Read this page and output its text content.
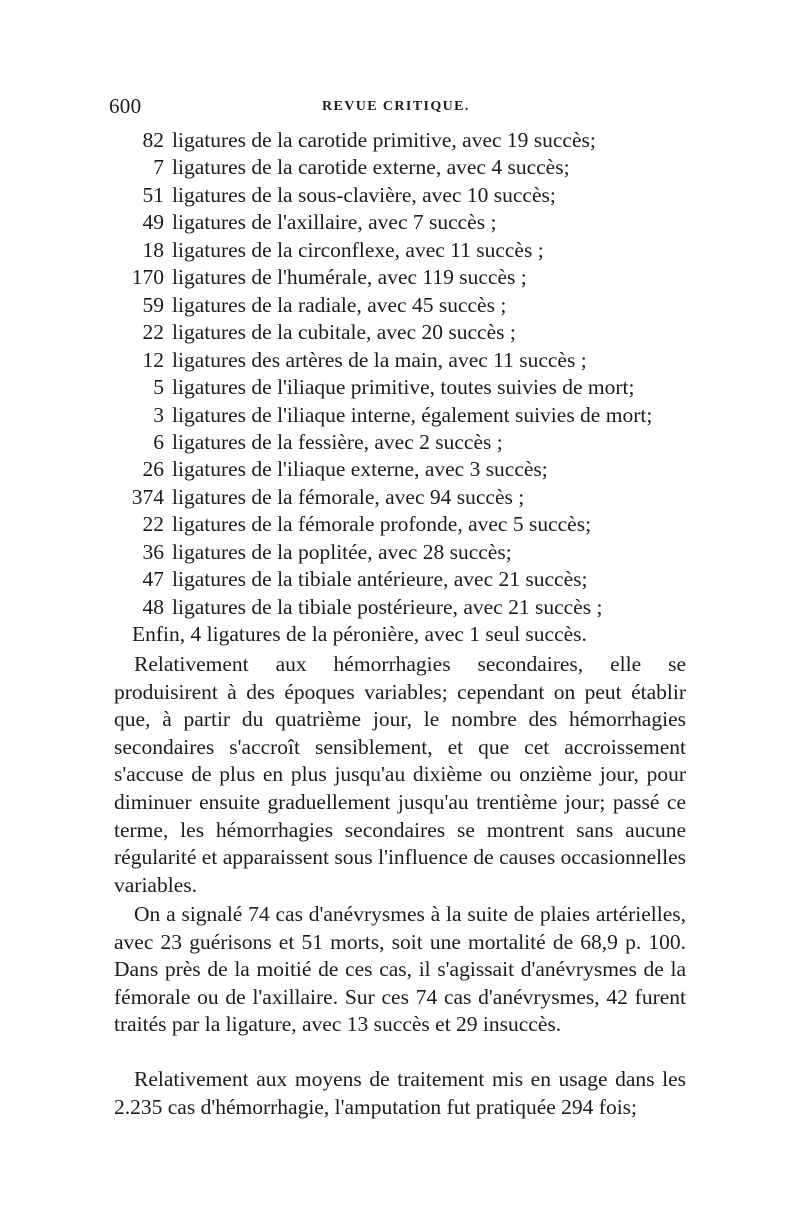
600	REVUE CRITIQUE.
82 ligatures de la carotide primitive, avec 19 succès;
7 ligatures de la carotide externe, avec 4 succès;
51 ligatures de la sous-clavière, avec 10 succès;
49 ligatures de l'axillaire, avec 7 succès ;
18 ligatures de la circonflexe, avec 11 succès ;
170 ligatures de l'humérale, avec 119 succès ;
59 ligatures de la radiale, avec 45 succès ;
22 ligatures de la cubitale, avec 20 succès ;
12 ligatures des artères de la main, avec 11 succès ;
5 ligatures de l'iliaque primitive, toutes suivies de mort;
3 ligatures de l'iliaque interne, également suivies de mort;
6 ligatures de la fessière, avec 2 succès ;
26 ligatures de l'iliaque externe, avec 3 succès;
374 ligatures de la fémorale, avec 94 succès ;
22 ligatures de la fémorale profonde, avec 5 succès;
36 ligatures de la poplitée, avec 28 succès;
47 ligatures de la tibiale antérieure, avec 21 succès;
48 ligatures de la tibiale postérieure, avec 21 succès ;
Enfin, 4 ligatures de la péronière, avec 1 seul succès.

Relativement aux hémorrhagies secondaires, elle se produisirent à des époques variables; cependant on peut établir que, à partir du quatrième jour, le nombre des hémorrhagies secondaires s'accroît sensiblement, et que cet accroissement s'accuse de plus en plus jusqu'au dixième ou onzième jour, pour diminuer ensuite graduellement jusqu'au trentième jour; passé ce terme, les hémorrhagies secondaires se montrent sans aucune régularité et apparaissent sous l'influence de causes occasionnelles variables.

On a signalé 74 cas d'anévrysmes à la suite de plaies artérielles, avec 23 guérisons et 51 morts, soit une mortalité de 68,9 p. 100. Dans près de la moitié de ces cas, il s'agissait d'anévrysmes de la fémorale ou de l'axillaire. Sur ces 74 cas d'anévrysmes, 42 furent traités par la ligature, avec 13 succès et 29 insuccès.

Relativement aux moyens de traitement mis en usage dans les 2.235 cas d'hémorrhagie, l'amputation fut pratiquée 294 fois;
